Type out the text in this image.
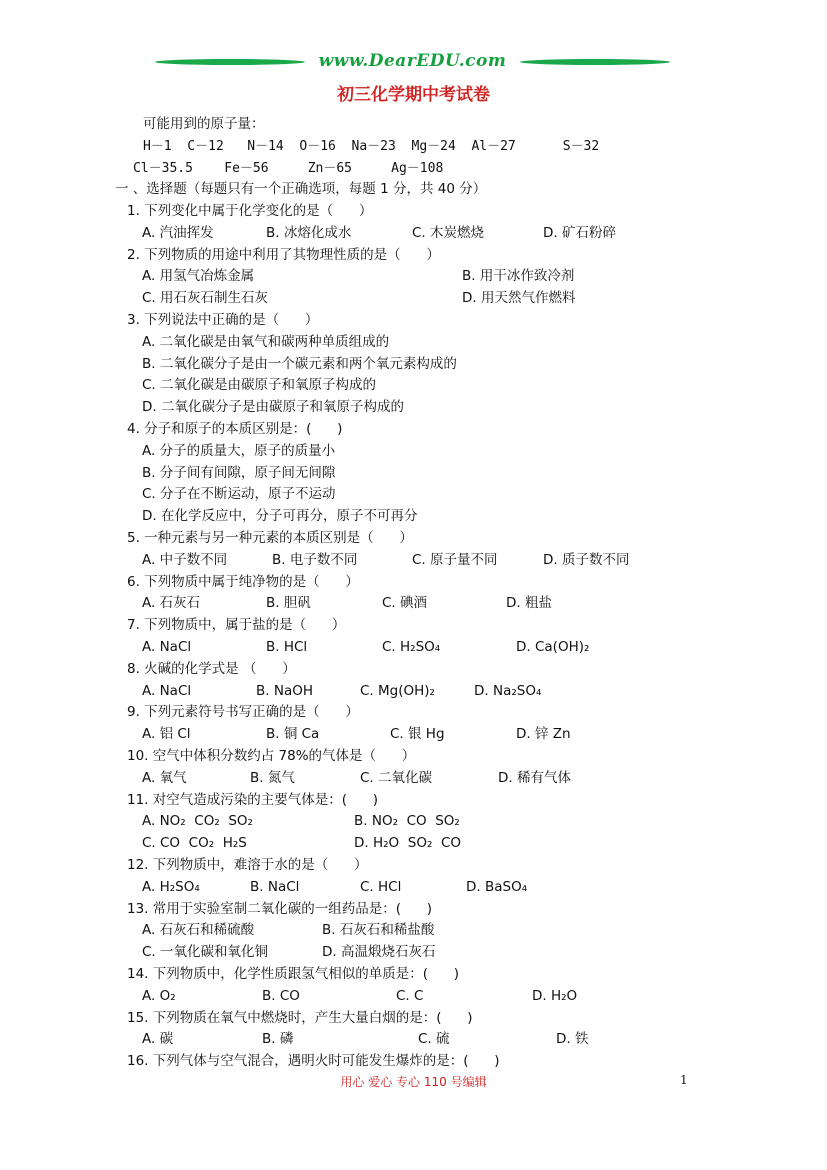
www.DearEDU.com
初三化学期中考试卷
可能用到的原子量：
H－1  C－12   N－14  O－16  Na－23  Mg－24  Al－27      S－32
Cl－35.5    Fe－56     Zn－65     Ag－108
一 、选择题（每题只有一个正确选项，每题 1 分，共 40 分）
用心 爱心 专心 110 号编辑	1
1. 下列变化中属于化学变化的是（      ）
A. 汽油挥发	B. 冰熔化成水	C. 木炭燃烧	D. 矿石粉碎
2. 下列物质的用途中利用了其物理性质的是（      ）
A. 用氢气冶炼金属	B. 用干冰作致冷剂
C. 用石灰石制生石灰	D. 用天然气作燃料
3. 下列说法中正确的是（      ）
A. 二氧化碳是由氧气和碳两种单质组成的
B. 二氧化碳分子是由一个碳元素和两个氧元素构成的
C. 二氧化碳是由碳原子和氧原子构成的
D. 二氧化碳分子是由碳原子和氧原子构成的
4. 分子和原子的本质区别是：(      )
A. 分子的质量大，原子的质量小
B. 分子间有间隙，原子间无间隙
C. 分子在不断运动，原子不运动
D. 在化学反应中，分子可再分，原子不可再分
5. 一种元素与另一种元素的本质区别是（      ）
A. 中子数不同	B. 电子数不同	C. 原子量不同	D. 质子数不同
6. 下列物质中属于纯净物的是（      ）
A. 石灰石	B. 胆矾	C. 碘酒	D. 粗盐
7. 下列物质中，属于盐的是（      ）
A. NaCl	B. HCl	C. H₂SO₄	D. Ca(OH)₂
8. 火碱的化学式是 （      ）
A. NaCl	B. NaOH	C. Mg(OH)₂	D. Na₂SO₄
9. 下列元素符号书写正确的是（      ）
A. 铝 Cl	B. 铜 Ca	C. 银 Hg	D. 锌 Zn
10. 空气中体积分数约占 78%的气体是（      ）
A. 氧气	B. 氮气	C. 二氧化碳	D. 稀有气体
11. 对空气造成污染的主要气体是：(      )
A. NO₂  CO₂  SO₂	B. NO₂  CO  SO₂
C. CO  CO₂  H₂S	D. H₂O  SO₂  CO
12. 下列物质中，难溶于水的是（      ）
A. H₂SO₄	B. NaCl	C. HCl	D. BaSO₄
13. 常用于实验室制二氧化碳的一组药品是：(      )
A. 石灰石和稀硫酸	B. 石灰石和稀盐酸
C. 一氧化碳和氧化铜	D. 高温煅烧石灰石
14. 下列物质中，化学性质跟氢气相似的单质是：(      )
A. O₂	B. CO	C. C	D. H₂O
15. 下列物质在氧气中燃烧时，产生大量白烟的是：(      )
A. 碳	B. 磷	C. 硫	D. 铁
16. 下列气体与空气混合，遇明火时可能发生爆炸的是：(      )
